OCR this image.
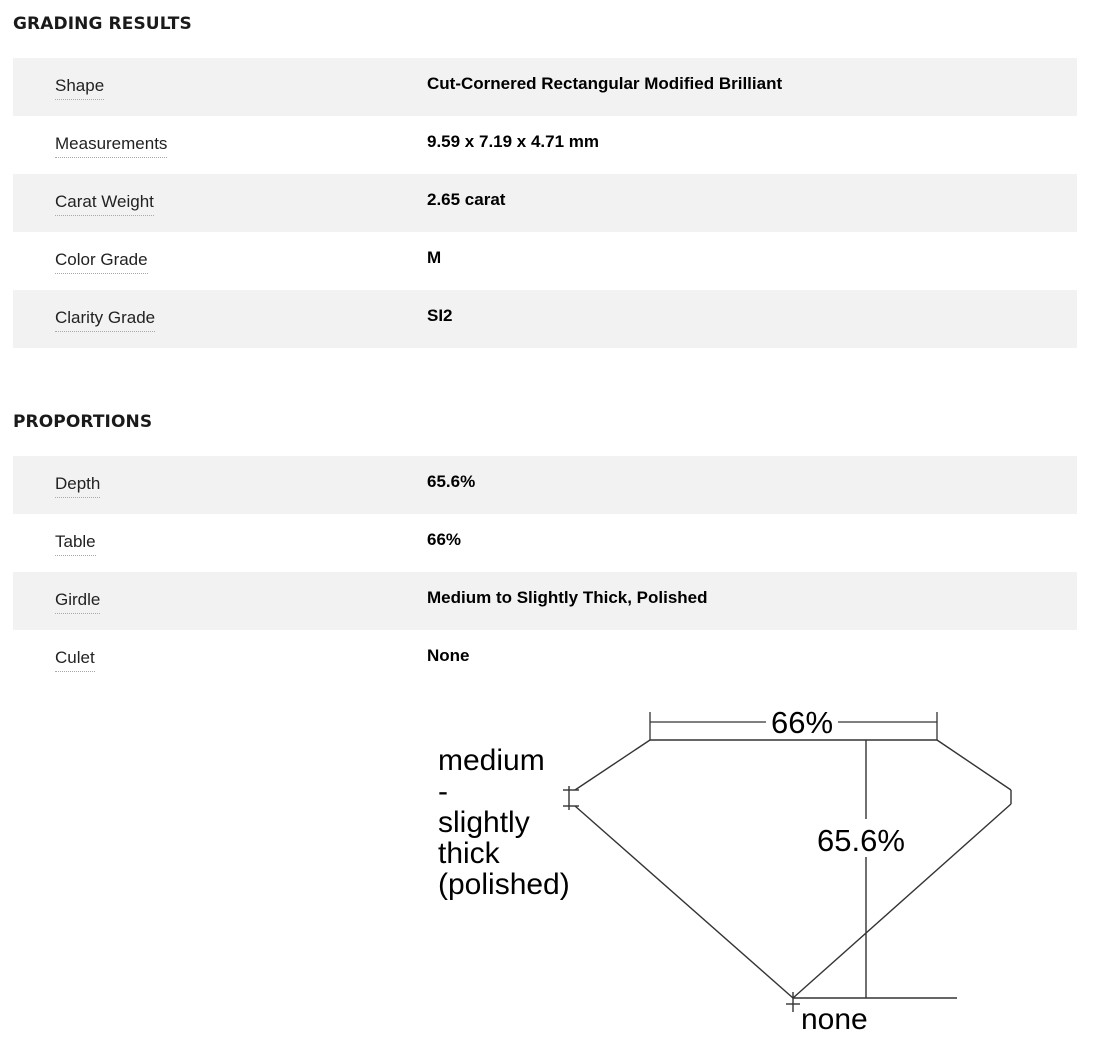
GRADING RESULTS
Shape	Cut-Cornered Rectangular Modified Brilliant
Measurements	9.59 x 7.19 x 4.71 mm
Carat Weight	2.65 carat
Color Grade	M
Clarity Grade	SI2
PROPORTIONS
Depth	65.6%
Table	66%
Girdle	Medium to Slightly Thick, Polished
Culet	None
66%
65.6%
medium
-
slightly
thick
(polished)
none
